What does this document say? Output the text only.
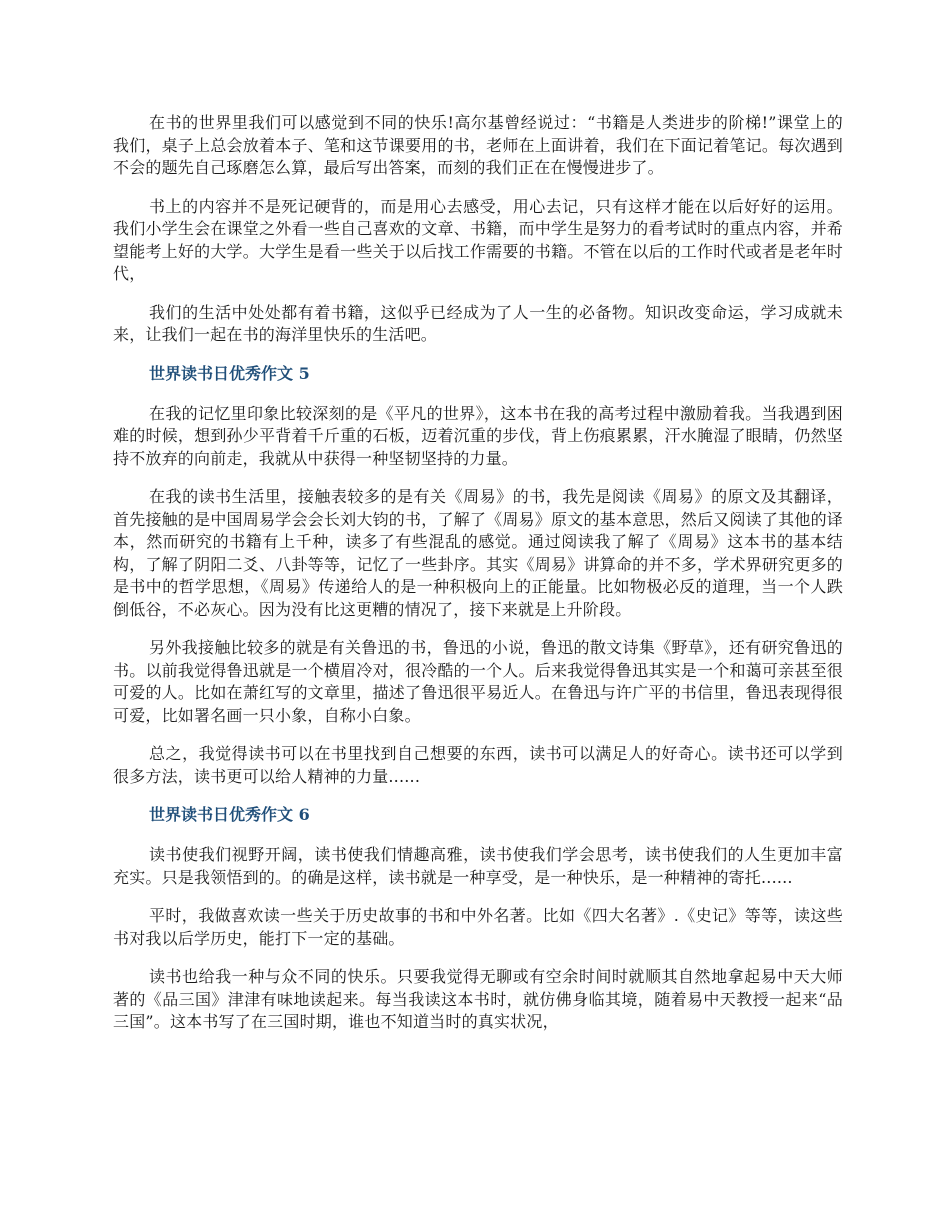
在书的世界里我们可以感觉到不同的快乐!高尔基曾经说过：“书籍是人类进步的阶梯!”课堂上的我们，桌子上总会放着本子、笔和这节课要用的书，老师在上面讲着，我们在下面记着笔记。每次遇到不会的题先自己琢磨怎么算，最后写出答案，而刻的我们正在在慢慢进步了。

书上的内容并不是死记硬背的，而是用心去感受，用心去记，只有这样才能在以后好好的运用。我们小学生会在课堂之外看一些自己喜欢的文章、书籍，而中学生是努力的看考试时的重点内容，并希望能考上好的大学。大学生是看一些关于以后找工作需要的书籍。不管在以后的工作时代或者是老年时代，

我们的生活中处处都有着书籍，这似乎已经成为了人一生的必备物。知识改变命运，学习成就未来，让我们一起在书的海洋里快乐的生活吧。

世界读书日优秀作文 5

在我的记忆里印象比较深刻的是《平凡的世界》，这本书在我的高考过程中激励着我。当我遇到困难的时候，想到孙少平背着千斤重的石板，迈着沉重的步伐，背上伤痕累累，汗水腌湿了眼睛，仍然坚持不放弃的向前走，我就从中获得一种坚韧坚持的力量。

在我的读书生活里，接触表较多的是有关《周易》的书，我先是阅读《周易》的原文及其翻译，首先接触的是中国周易学会会长刘大钧的书，了解了《周易》原文的基本意思，然后又阅读了其他的译本，然而研究的书籍有上千种，读多了有些混乱的感觉。通过阅读我了解了《周易》这本书的基本结构，了解了阴阳二爻、八卦等等，记忆了一些卦序。其实《周易》讲算命的并不多，学术界研究更多的是书中的哲学思想，《周易》传递给人的是一种积极向上的正能量。比如物极必反的道理，当一个人跌倒低谷，不必灰心。因为没有比这更糟的情况了，接下来就是上升阶段。

另外我接触比较多的就是有关鲁迅的书，鲁迅的小说，鲁迅的散文诗集《野草》，还有研究鲁迅的书。以前我觉得鲁迅就是一个横眉冷对，很冷酷的一个人。后来我觉得鲁迅其实是一个和蔼可亲甚至很可爱的人。比如在萧红写的文章里，描述了鲁迅很平易近人。在鲁迅与许广平的书信里，鲁迅表现得很可爱，比如署名画一只小象，自称小白象。

总之，我觉得读书可以在书里找到自己想要的东西，读书可以满足人的好奇心。读书还可以学到很多方法，读书更可以给人精神的力量......

世界读书日优秀作文 6

读书使我们视野开阔，读书使我们情趣高雅，读书使我们学会思考，读书使我们的人生更加丰富充实。只是我领悟到的。的确是这样，读书就是一种享受，是一种快乐，是一种精神的寄托......

平时，我做喜欢读一些关于历史故事的书和中外名著。比如《四大名著》.《史记》等等，读这些书对我以后学历史，能打下一定的基础。

读书也给我一种与众不同的快乐。只要我觉得无聊或有空余时间时就顺其自然地拿起易中天大师著的《品三国》津津有味地读起来。每当我读这本书时，就仿佛身临其境，随着易中天教授一起来“品三国”。这本书写了在三国时期，谁也不知道当时的真实状况，
